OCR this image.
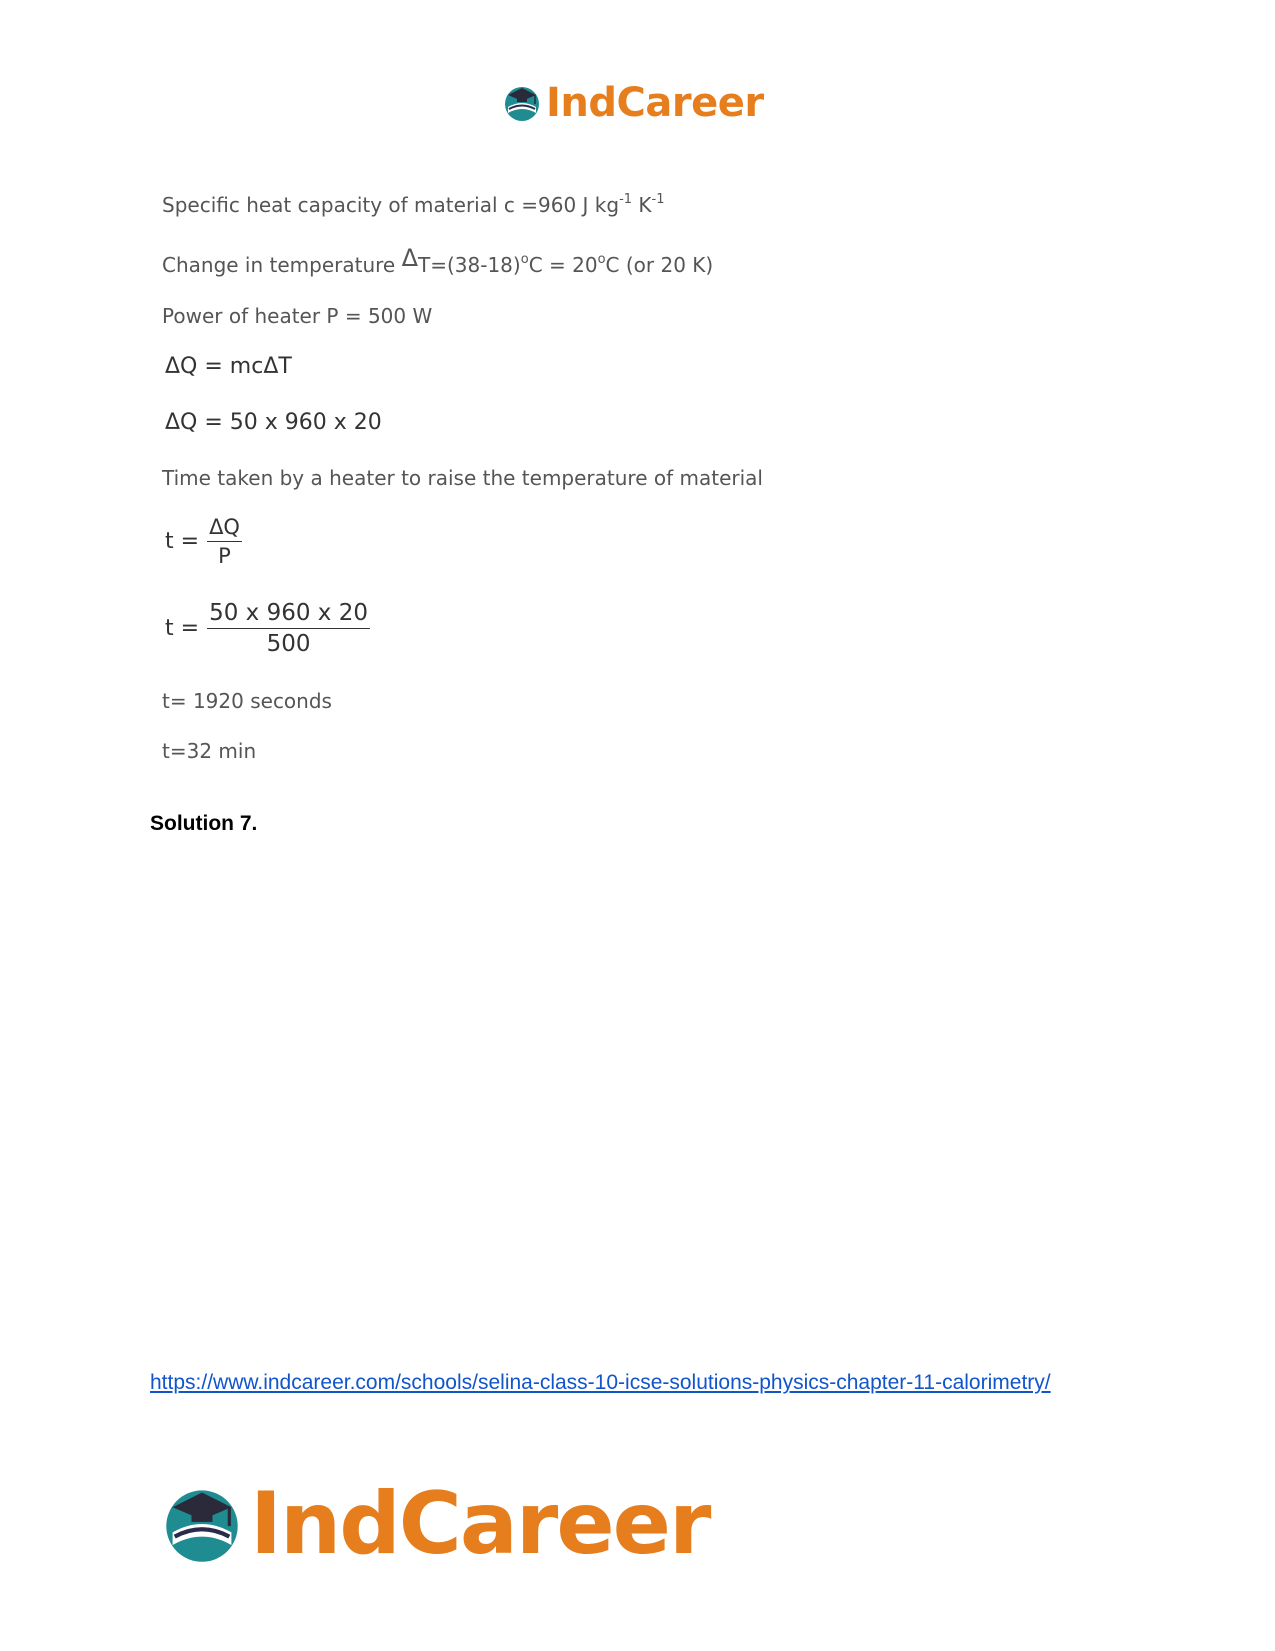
IndCareer
Specific heat capacity of material c =960 J $kg^{-1}$ $K^{-1}$
Change in temperature $\Delta T=(38-18)^oC = 20^oC$ (or 20 K)
Power of heater P = 500 W
ΔQ = mcΔT
ΔQ = 50 x 960 x 20
Time taken by a heater to raise the temperature of material
$t = \frac{\Delta Q}{P}$
$t = \frac{50 x 960 x 20}{500}$
t= 1920 seconds
t=32 min
Solution 7.
https://www.indcareer.com/schools/selina-class-10-icse-solutions-physics-chapter-11-calorimetry/
IndCareer
